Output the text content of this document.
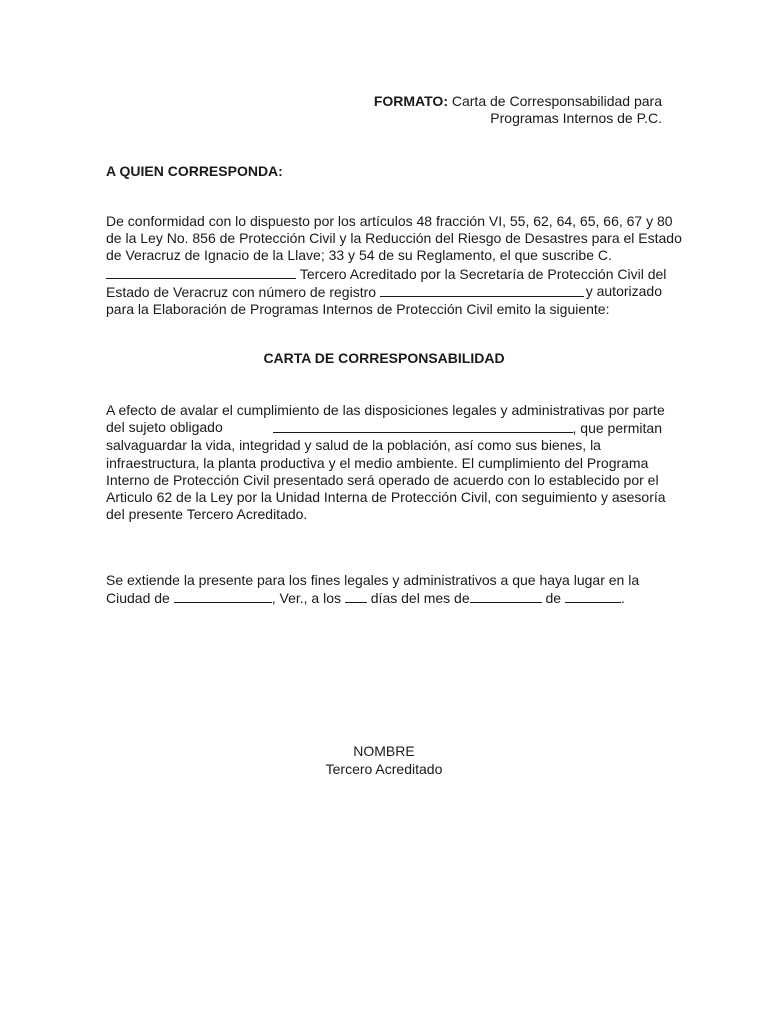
FORMATO: Carta de Corresponsabilidad para
Programas Internos de P.C.
A QUIEN CORRESPONDA:
De conformidad con lo dispuesto por los artículos 48 fracción VI, 55, 62, 64, 65, 66, 67 y 80
de la Ley No. 856 de Protección Civil y la Reducción del Riesgo de Desastres para el Estado
de Veracruz de Ignacio de la Llave; 33 y 54 de su Reglamento, el que suscribe C.
Tercero Acreditado por la Secretaría de Protección Civil del
Estado de Veracruz con número de registro	y autorizado
para la Elaboración de Programas Internos de Protección Civil emito la siguiente:
CARTA DE CORRESPONSABILIDAD
A efecto de avalar el cumplimiento de las disposiciones legales y administrativas por parte
del sujeto obligado	, que permitan
salvaguardar la vida, integridad y salud de la población, así como sus bienes, la
infraestructura, la planta productiva y el medio ambiente. El cumplimiento del Programa
Interno de Protección Civil presentado será operado de acuerdo con lo establecido por el
Articulo 62 de la Ley por la Unidad Interna de Protección Civil, con seguimiento y asesoría
del presente Tercero Acreditado.
Se extiende la presente para los fines legales y administrativos a que haya lugar en la
Ciudad de	, Ver., a los días del mes de	de	.
NOMBRE
Tercero Acreditado
